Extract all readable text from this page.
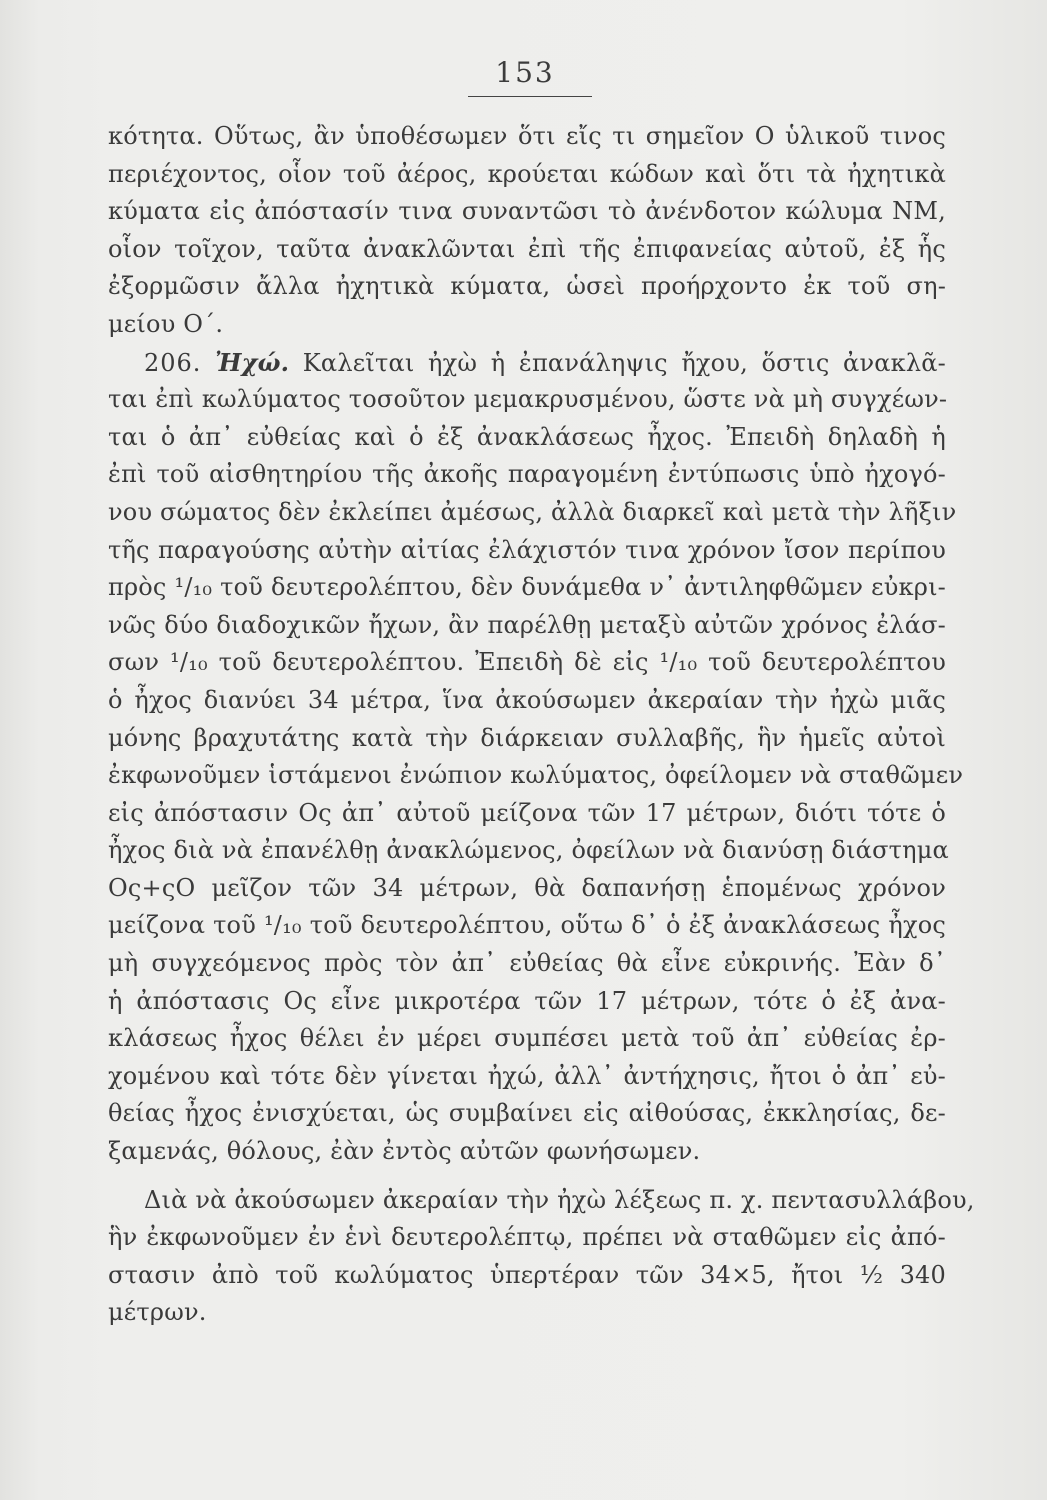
153
κότητα. Οὕτως, ἂν ὑποθέσωμεν ὅτι εἴς τι σημεῖον Ο ὑλικοῦ τινος
περιέχοντος, οἷον τοῦ ἀέρος, κρούεται κώδων καὶ ὅτι τὰ ἠχητικὰ
κύματα εἰς ἀπόστασίν τινα συναντῶσι τὸ ἀνένδοτον κώλυμα ΝΜ,
οἷον τοῖχον, ταῦτα ἀνακλῶνται ἐπὶ τῆς ἐπιφανείας αὐτοῦ, ἐξ ἧς
ἐξορμῶσιν ἄλλα ἠχητικὰ κύματα, ὡσεὶ προήρχοντο ἐκ τοῦ ση-
μείου Ο΄.
206. Ἠχώ. Καλεῖται ἠχὼ ἡ ἐπανάληψις ἤχου, ὅστις ἀνακλᾶ-
ται ἐπὶ κωλύματος τοσοῦτον μεμακρυσμένου, ὥστε νὰ μὴ συγχέων-
ται ὁ ἀπ᾽ εὐθείας καὶ ὁ ἐξ ἀνακλάσεως ἦχος. Ἐπειδὴ δηλαδὴ ἡ
ἐπὶ τοῦ αἰσθητηρίου τῆς ἀκοῆς παραγομένη ἐντύπωσις ὑπὸ ἠχογό-
νου σώματος δὲν ἐκλείπει ἀμέσως, ἀλλὰ διαρκεῖ καὶ μετὰ τὴν λῆξιν
τῆς παραγούσης αὐτὴν αἰτίας ἐλάχιστόν τινα χρόνον ἴσον περίπου
πρὸς ¹/₁₀ τοῦ δευτερολέπτου, δὲν δυνάμεθα ν᾽ ἀντιληφθῶμεν εὐκρι-
νῶς δύο διαδοχικῶν ἤχων, ἂν παρέλθῃ μεταξὺ αὐτῶν χρόνος ἐλάσ-
σων ¹/₁₀ τοῦ δευτερολέπτου. Ἐπειδὴ δὲ εἰς ¹/₁₀ τοῦ δευτερολέπτου
ὁ ἦχος διανύει 34 μέτρα, ἵνα ἀκούσωμεν ἀκεραίαν τὴν ἠχὼ μιᾶς
μόνης βραχυτάτης κατὰ τὴν διάρκειαν συλλαβῆς, ἣν ἡμεῖς αὐτοὶ
ἐκφωνοῦμεν ἱστάμενοι ἐνώπιον κωλύματος, ὀφείλομεν νὰ σταθῶμεν
εἰς ἀπόστασιν Ος ἀπ᾽ αὐτοῦ μείζονα τῶν 17 μέτρων, διότι τότε ὁ
ἦχος διὰ νὰ ἐπανέλθῃ ἀνακλώμενος, ὀφείλων νὰ διανύσῃ διάστημα
Ος+ςΟ μεῖζον τῶν 34 μέτρων, θὰ δαπανήσῃ ἑπομένως χρόνον
μείζονα τοῦ ¹/₁₀ τοῦ δευτερολέπτου, οὕτω δ᾽ ὁ ἐξ ἀνακλάσεως ἦχος
μὴ συγχεόμενος πρὸς τὸν ἀπ᾽ εὐθείας θὰ εἶνε εὐκρινής. Ἐὰν δ᾽
ἡ ἀπόστασις Ος εἶνε μικροτέρα τῶν 17 μέτρων, τότε ὁ ἐξ ἀνα-
κλάσεως ἦχος θέλει ἐν μέρει συμπέσει μετὰ τοῦ ἀπ᾽ εὐθείας ἐρ-
χομένου καὶ τότε δὲν γίνεται ἠχώ, ἀλλ᾽ ἀντήχησις, ἤτοι ὁ ἀπ᾽ εὐ-
θείας ἦχος ἐνισχύεται, ὡς συμβαίνει εἰς αἰθούσας, ἐκκλησίας, δε-
ξαμενάς, θόλους, ἐὰν ἐντὸς αὐτῶν φωνήσωμεν.
Διὰ νὰ ἀκούσωμεν ἀκεραίαν τὴν ἠχὼ λέξεως π. χ. πεντασυλλάβου,
ἣν ἐκφωνοῦμεν ἐν ἑνὶ δευτερολέπτῳ, πρέπει νὰ σταθῶμεν εἰς ἀπό-
στασιν ἀπὸ τοῦ κωλύματος ὑπερτέραν τῶν 34×5, ἤτοι ½ 340
μέτρων.
